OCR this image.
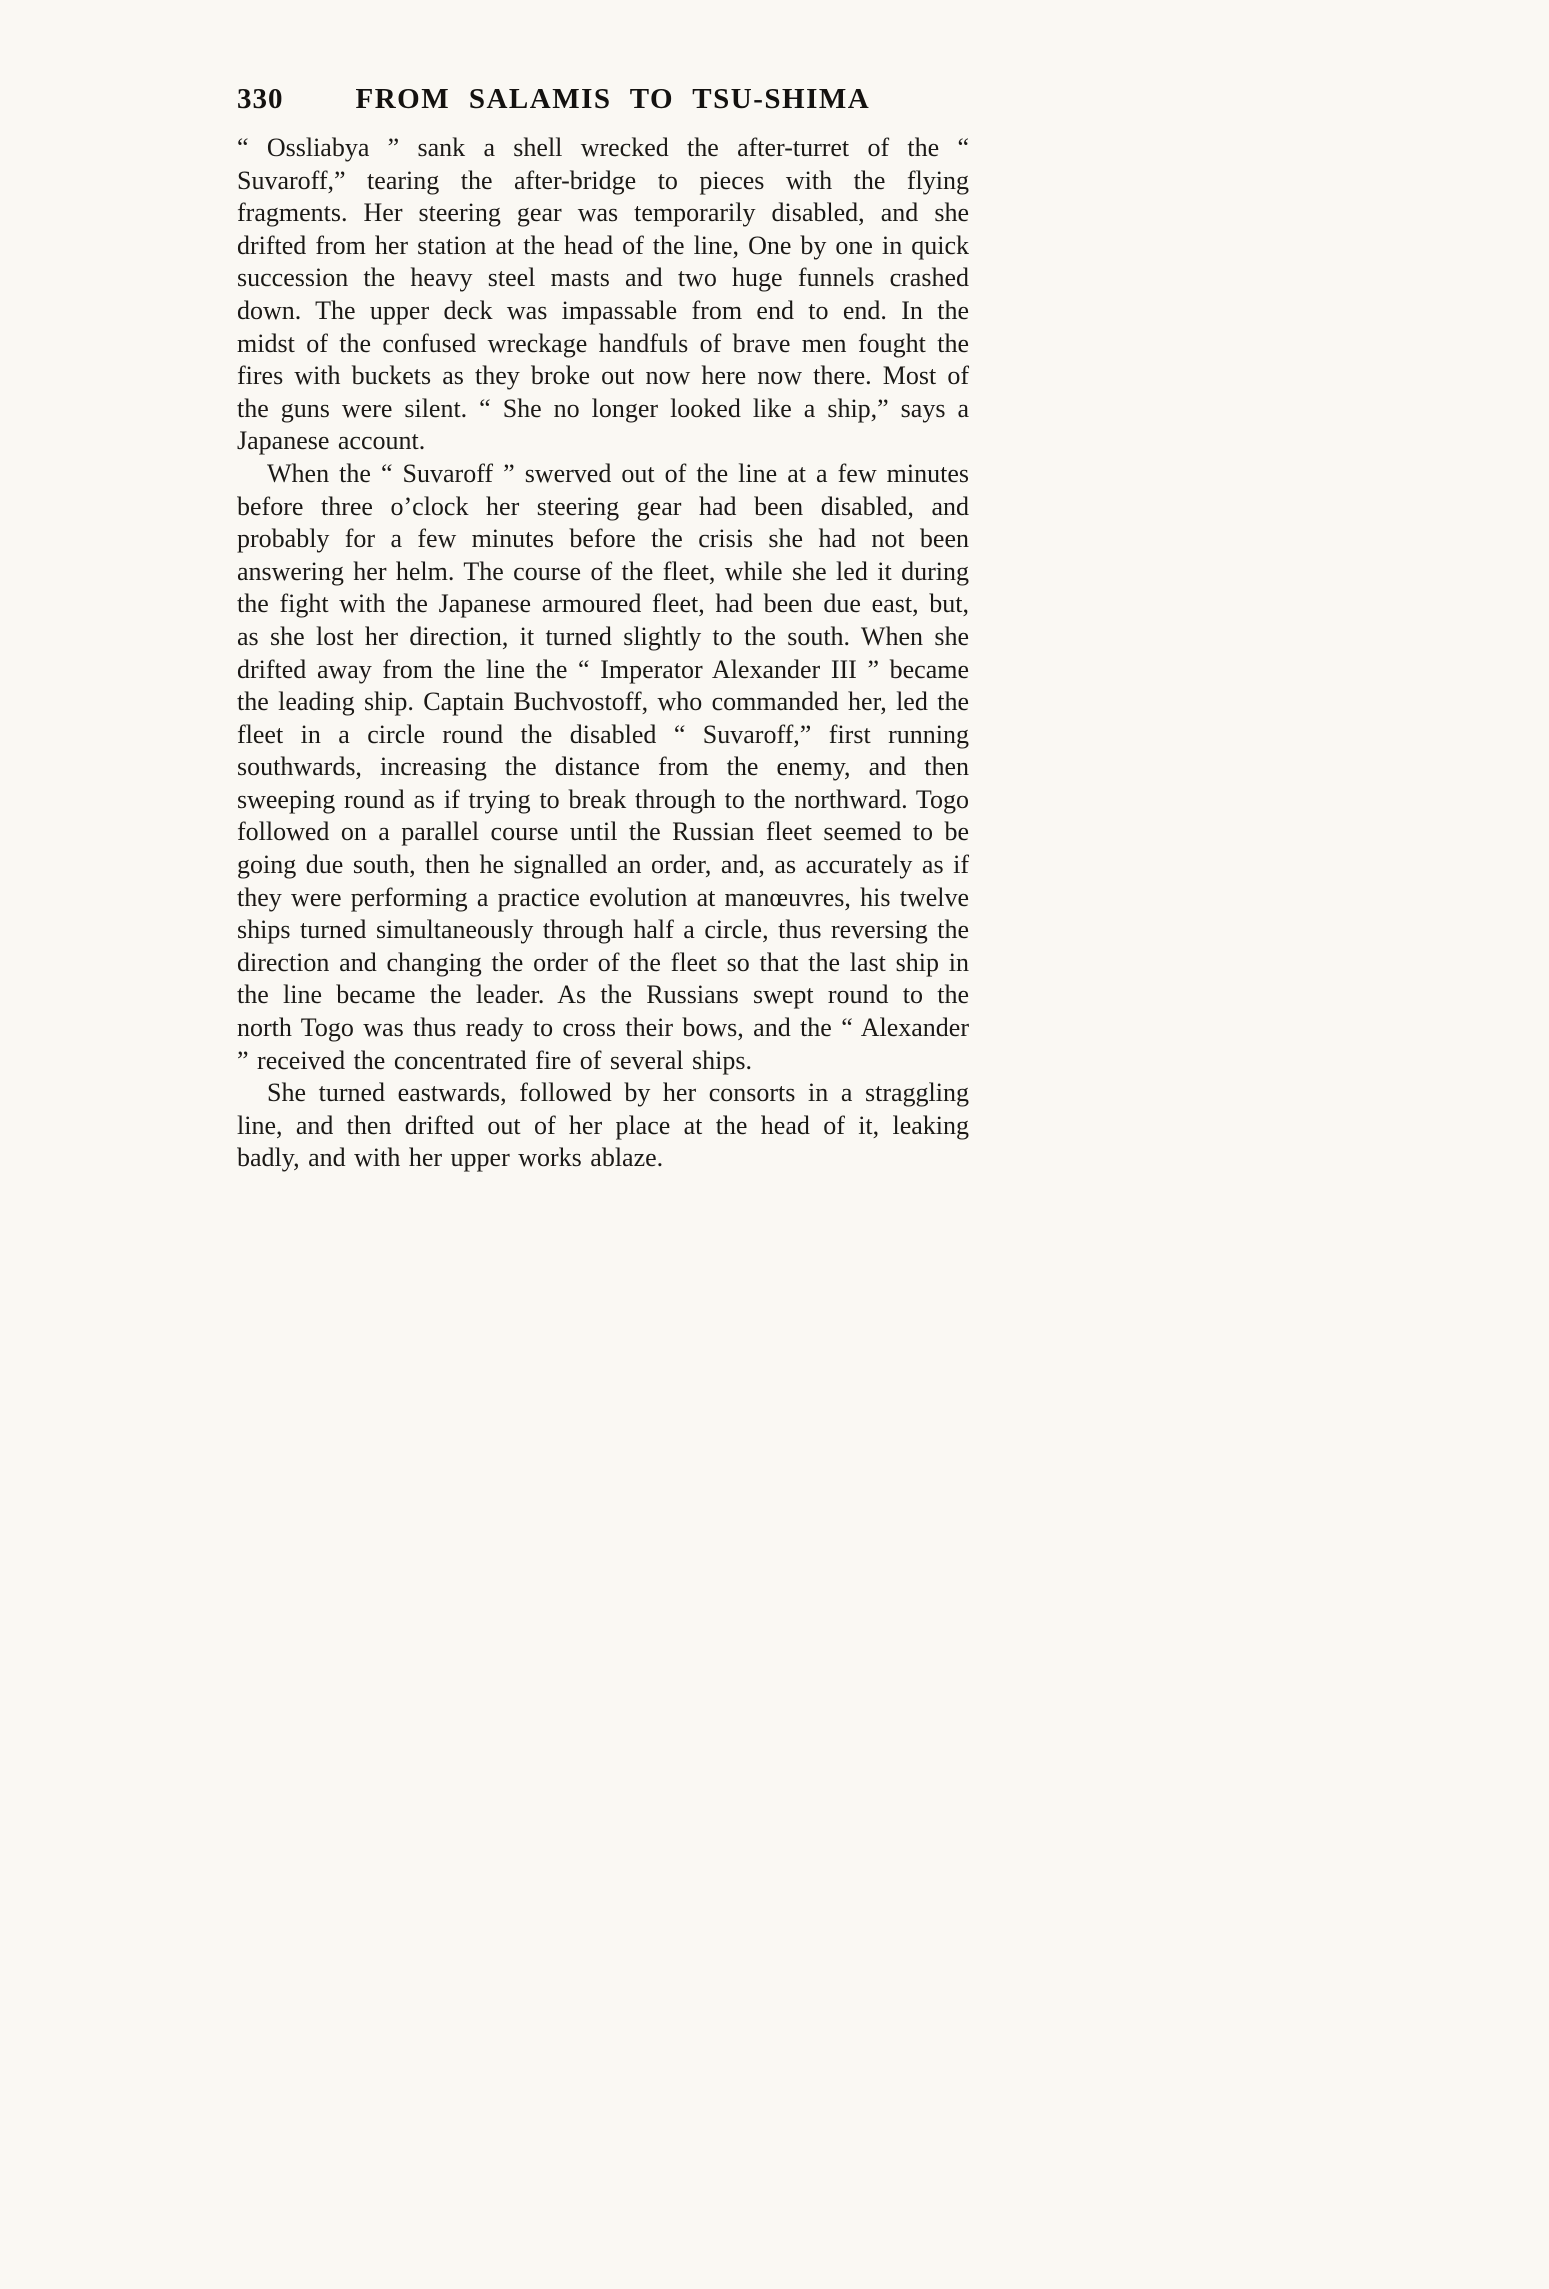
330 FROM SALAMIS TO TSU-SHIMA

“ Ossliabya ” sank a shell wrecked the after-turret of the “ Suvaroff,” tearing the after-bridge to pieces with the flying fragments. Her steering gear was temporarily disabled, and she drifted from her station at the head of the line, One by one in quick succession the heavy steel masts and two huge funnels crashed down. The upper deck was impassable from end to end. In the midst of the confused wreckage handfuls of brave men fought the fires with buckets as they broke out now here now there. Most of the guns were silent. “ She no longer looked like a ship,” says a Japanese account.

When the “ Suvaroff ” swerved out of the line at a few minutes before three o’clock her steering gear had been disabled, and probably for a few minutes before the crisis she had not been answering her helm. The course of the fleet, while she led it during the fight with the Japanese armoured fleet, had been due east, but, as she lost her direction, it turned slightly to the south. When she drifted away from the line the “ Imperator Alexander III ” became the leading ship. Captain Buchvostoff, who commanded her, led the fleet in a circle round the disabled “ Suvaroff,” first running southwards, increasing the distance from the enemy, and then sweeping round as if trying to break through to the northward. Togo followed on a parallel course until the Russian fleet seemed to be going due south, then he signalled an order, and, as accurately as if they were performing a practice evolution at manœuvres, his twelve ships turned simultaneously through half a circle, thus reversing the direction and changing the order of the fleet so that the last ship in the line became the leader. As the Russians swept round to the north Togo was thus ready to cross their bows, and the “ Alexander ” received the concentrated fire of several ships.

She turned eastwards, followed by her consorts in a straggling line, and then drifted out of her place at the head of it, leaking badly, and with her upper works ablaze.
